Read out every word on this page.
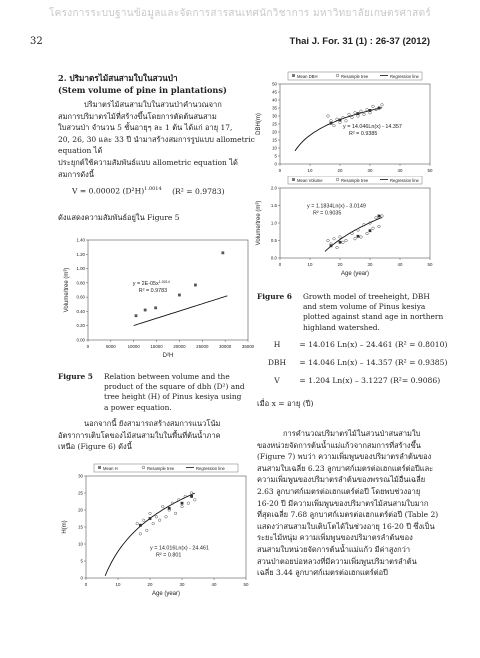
โครงการระบบฐานข้อมูลและจัดการสารสนเทศนักวิชาการ มหาวิทยาลัยเกษตรศาสตร์
32	Thai J. For. 31 (1) : 26-37 (2012)
2. ปริมาตรไม้สนสามใบในสวนป่า
(Stem volume of pine in plantations)
ปริมาตรไม้สนสามใบในสวนป่าคำนวณจาก
สมการปริมาตรไม้ที่สร้างขึ้นโดยการตัดต้นสนสาม
ใบสวนป่า จำนวน 5 ชั้นอายุๆ ละ 1 ต้น ได้แก่ อายุ 17,
20, 26, 30 และ 33 ปี นำมาสร้างสมการรูปแบบ allometric equation ได้
ประยุกต์ใช้ความสัมพันธ์แบบ allometric equation ได้
สมการดังนี้
V = 0.00002 $(D^2H)^{1.0014}$ (R² = 0.9783)
ดังแสดงความสัมพันธ์อยู่ใน Figure 5
0.00
0.20
0.40
0.60
0.80
1.00
1.20
1.40
0	5000	10000 15000 20000 25000 30000 35000
D²H
Volume/tree (m³)	$y = 2E-05x^{1.0014}$
R² = 0.9783
Figure 5 Relation between volume and the
product of the square of dbh (D²) and
tree height (H) of Pinus kesiya using
a power equation.
นอกจากนี้ ยังสามารถสร้างสมการแนวโน้ม
อัตราการเติบโตของไม้สนสามใบในพื้นที่ต้นน้ำภาค
เหนือ (Figure 6) ดังนี้
Mean H	Resample tree	Regression line
0
5
10
15
20
25
30
0	10	20	30	40	50
Age (year)
H(m)
y = 14.016Ln(x) - 24.461
R² = 0.801
Mean DBH	Resample tree	Regression line
0
5
10
15
20
25
30
35
40
45
50
0	10	20	30	40	50
DBH(m)	y = 14.046Ln(x) - 14.357
R² = 0.9385
Mean Volume	Resample tree	Regression line
0.0
0.5
1.0
1.5
2.0
0	10	20	30	40	50
Age (year)
Volume/tree (m³)	y = 1.1834Ln(x) - 3.0149
R² = 0.9035
Figure 6 Growth model of treeheight, DBH
and stem volume of Pinus kesiya
plotted against stand age in northern
highland watershed.
H	= 14.016 Ln(x) – 24.461 (R² = 0.8010)
DBH = 14.046 Ln(x) – 14.357 (R² = 0.9385)
V	= 1.204 Ln(x) – 3.1227 (R²= 0.9086)
เมื่อ x = อายุ (ปี)
การคำนวณปริมาตรไม้ในสวนป่าสนสามใบ
ของหน่วยจัดการต้นน้ำแม่แก้วจากสมการที่สร้างขึ้น
(Figure 7) พบว่า ความเพิ่มพูนของปริมาตรลำต้นของ
สนสามใบเฉลี่ย 6.23 ลูกบาศก์เมตรต่อเฮกแตร์ต่อปีและ
ความเพิ่มพูนของปริมาตรลำต้นของพรรณไม้อื่นเฉลี่ย
2.63 ลูกบาศก์เมตรต่อเฮกแตร์ต่อปี โดยพบช่วงอายุ
16-20 ปี มีความเพิ่มพูนของปริมาตรไม้สนสามใบมาก
ที่สุดเฉลี่ย 7.68 ลูกบาศก์เมตรต่อเฮกแตร์ต่อปี (Table 2)
แสดงว่าสนสามใบเติบโตได้ในช่วงอายุ 16-20 ปี ซึ่งเป็น
ระยะไม้หนุ่ม ความเพิ่มพูนของปริมาตรลำต้นของ
สนสามใบหน่วยจัดการต้นน้ำแม่แก้ว มีค่าสูงกว่า
สวนป่าตอยบ่อหลวงที่มีความเพิ่มพูนปริมาตรลำต้น
เฉลี่ย 3.44 ลูกบาศก์เมตรต่อเฮกแตร์ต่อปี
